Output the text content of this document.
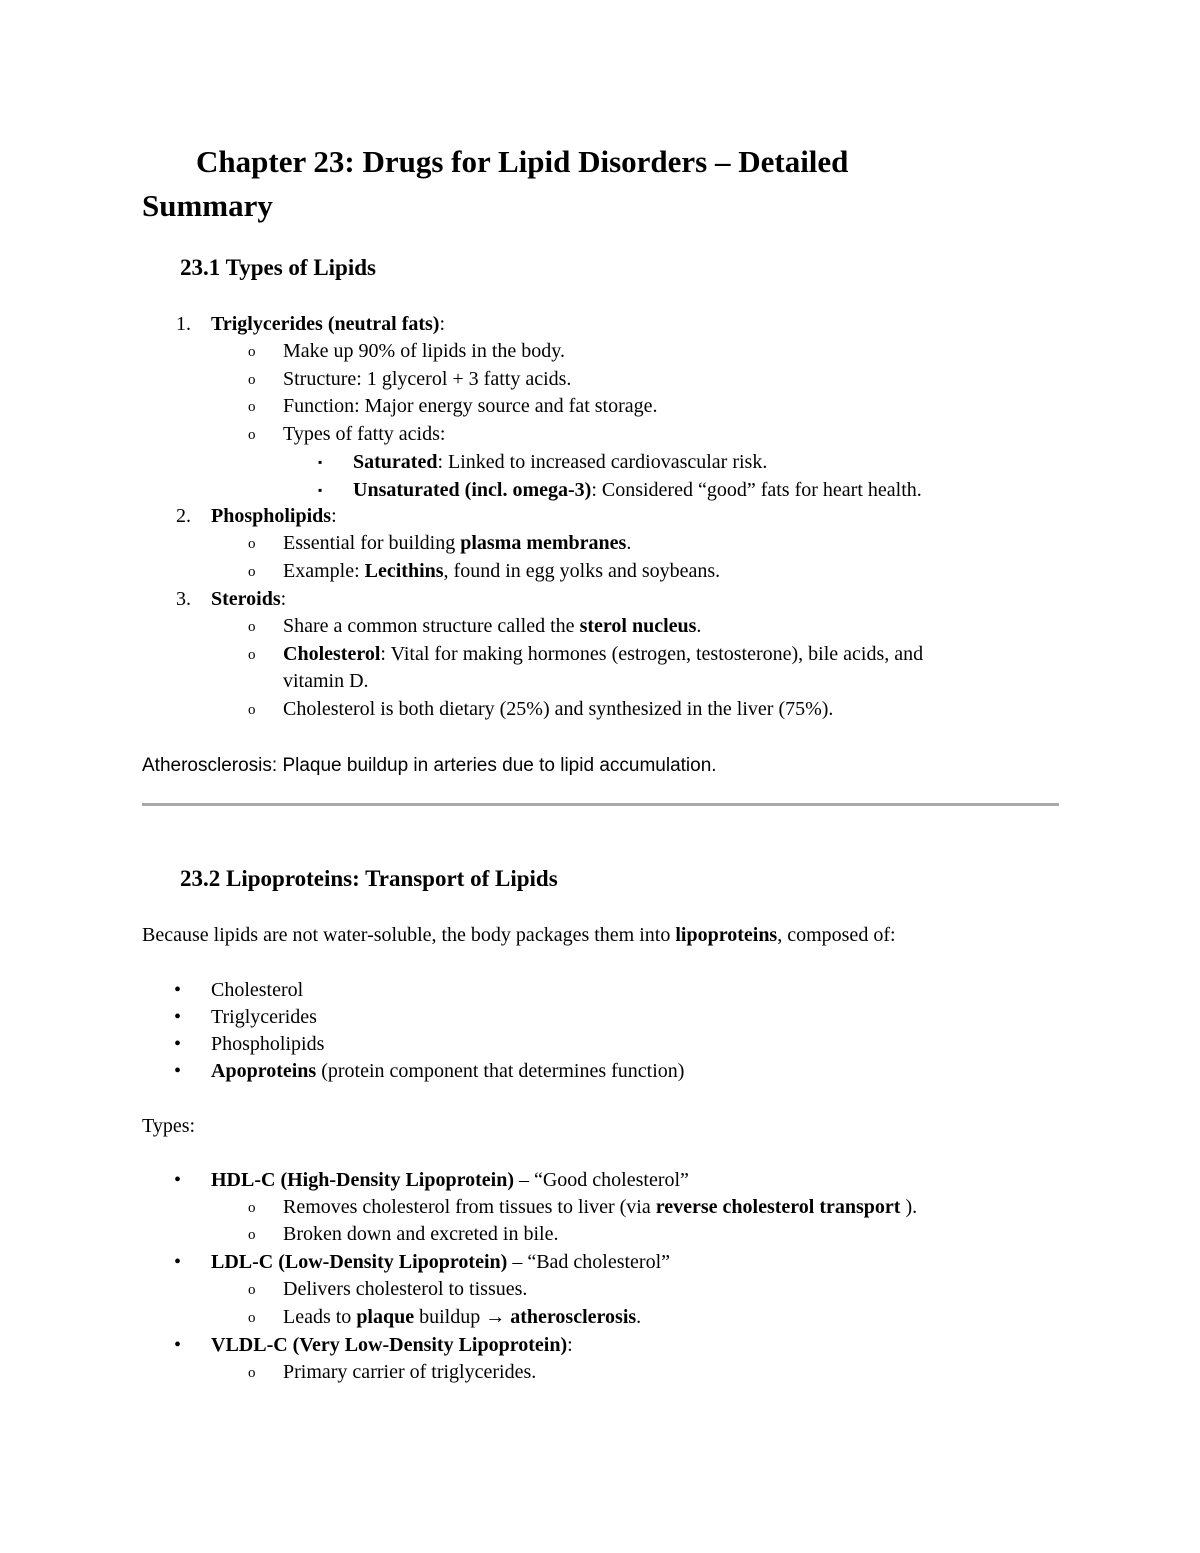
Chapter 23: Drugs for Lipid Disorders – Detailed
Summary
23.1 Types of Lipids
1. Triglycerides (neutral fats):
o Make up 90% of lipids in the body.
o Structure: 1 glycerol + 3 fatty acids.
o Function: Major energy source and fat storage.
o Types of fatty acids:
▪ Saturated: Linked to increased cardiovascular risk.
▪ Unsaturated (incl. omega-3): Considered “good” fats for heart health.
2. Phospholipids:
o Essential for building plasma membranes.
o Example: Lecithins, found in egg yolks and soybeans.
3. Steroids:
o Share a common structure called the sterol nucleus.
o Cholesterol: Vital for making hormones (estrogen, testosterone), bile acids, and
vitamin D.
o Cholesterol is both dietary (25%) and synthesized in the liver (75%).
Atherosclerosis: Plaque buildup in arteries due to lipid accumulation.
23.2 Lipoproteins: Transport of Lipids
Because lipids are not water-soluble, the body packages them into lipoproteins, composed of:
• Cholesterol
• Triglycerides
• Phospholipids
• Apoproteins (protein component that determines function)
Types:
• HDL-C (High-Density Lipoprotein) – “Good cholesterol”
o Removes cholesterol from tissues to liver (via reverse cholesterol transport ).
o Broken down and excreted in bile.
• LDL-C (Low-Density Lipoprotein) – “Bad cholesterol”
o Delivers cholesterol to tissues.
o Leads to plaque buildup → atherosclerosis.
• VLDL-C (Very Low-Density Lipoprotein):
o Primary carrier of triglycerides.
